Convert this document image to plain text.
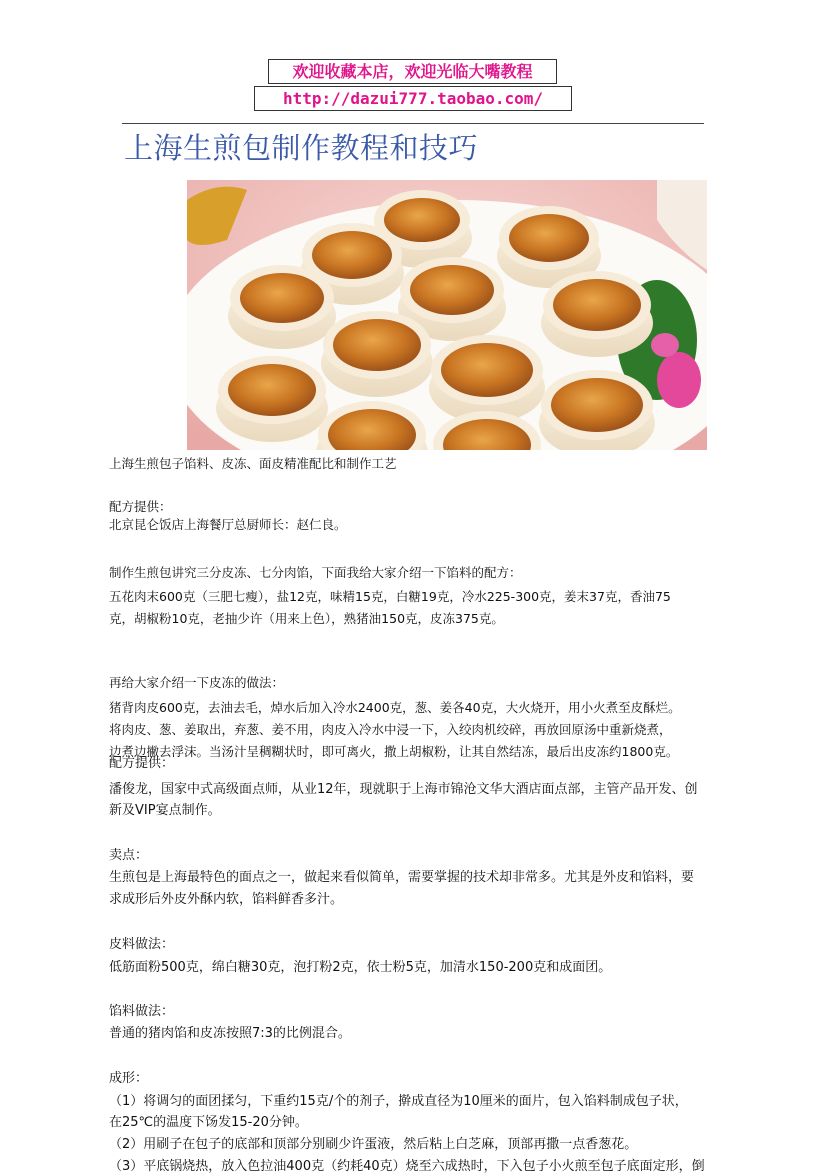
欢迎收藏本店，欢迎光临大嘴教程
http://dazui777.taobao.com/
上海生煎包制作教程和技巧
上海生煎包子馅料、皮冻、面皮精准配比和制作工艺
配方提供：
北京昆仑饭店上海餐厅总厨师长：赵仁良。
制作生煎包讲究三分皮冻、七分肉馅，下面我给大家介绍一下馅料的配方：
五花肉末600克（三肥七瘦），盐12克，味精15克，白糖19克，冷水225-300克，姜末37克，香油75
克，胡椒粉10克，老抽少许（用来上色），熟猪油150克，皮冻375克。
再给大家介绍一下皮冻的做法：
猪背肉皮600克，去油去毛，焯水后加入冷水2400克，葱、姜各40克，大火烧开，用小火煮至皮酥烂。
将肉皮、葱、姜取出，弃葱、姜不用，肉皮入冷水中浸一下，入绞肉机绞碎，再放回原汤中重新烧煮，
边煮边撇去浮沫。当汤汁呈稠糊状时，即可离火，撒上胡椒粉，让其自然结冻，最后出皮冻约1800克。
配方提供：
潘俊龙，国家中式高级面点师，从业12年，现就职于上海市锦沧文华大酒店面点部，主管产品开发、创
新及VIP宴点制作。
卖点：
生煎包是上海最特色的面点之一，做起来看似简单，需要掌握的技术却非常多。尤其是外皮和馅料，要
求成形后外皮外酥内软，馅料鲜香多汁。
皮料做法：
低筋面粉500克，绵白糖30克，泡打粉2克，依士粉5克，加清水150-200克和成面团。
馅料做法：
普通的猪肉馅和皮冻按照7:3的比例混合。
成形：
（1）将调匀的面团揉匀，下重约15克/个的剂子，擀成直径为10厘米的面片，包入馅料制成包子状，
在25℃的温度下饧发15-20分钟。
（2）用刷子在包子的底部和顶部分别刷少许蛋液，然后粘上白芝麻，顶部再撒一点香葱花。
（3）平底锅烧热，放入色拉油400克（约耗40克）烧至六成热时，下入包子小火煎至包子底面定形，倒
